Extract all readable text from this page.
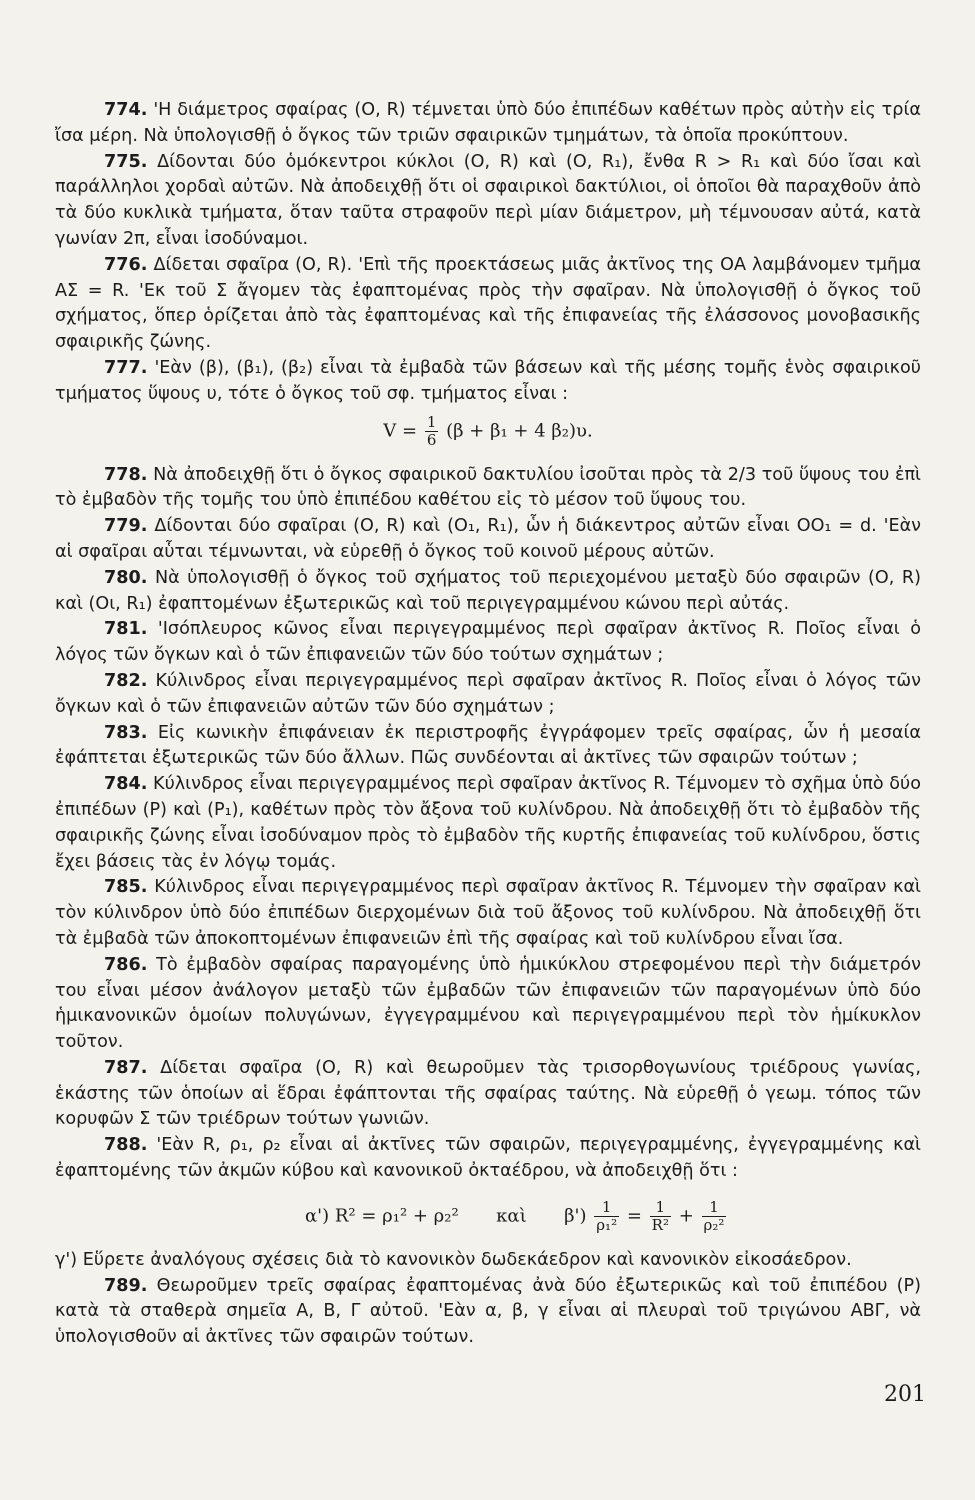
774. 'Η διάμετρος σφαίρας (Ο, R) τέμνεται ὑπὸ δύο ἐπιπέδων καθέτων πρὸς αὐτὴν εἰς τρία ἴσα μέρη. Νὰ ὑπολογισθῇ ὁ ὄγκος τῶν τριῶν σφαιρικῶν τμημάτων, τὰ ὁποῖα προκύπτουν.

775. Δίδονται δύο ὁμόκεντροι κύκλοι (Ο, R) καὶ (Ο, R₁), ἔνθα R > R₁ καὶ δύο ἴσαι καὶ παράλληλοι χορδαὶ αὐτῶν. Νὰ ἀποδειχθῇ ὅτι οἱ σφαιρικοὶ δακτύλιοι, οἱ ὁποῖοι θὰ παραχθοῦν ἀπὸ τὰ δύο κυκλικὰ τμήματα, ὅταν ταῦτα στραφοῦν περὶ μίαν διάμετρον, μὴ τέμνουσαν αὐτά, κατὰ γωνίαν 2π, εἶναι ἰσοδύναμοι.

776. Δίδεται σφαῖρα (Ο, R). 'Επὶ τῆς προεκτάσεως μιᾶς ἀκτῖνος της ΟΑ λαμβάνομεν τμῆμα ΑΣ = R. 'Εκ τοῦ Σ ἄγομεν τὰς ἐφαπτομένας πρὸς τὴν σφαῖραν. Νὰ ὑπολογισθῇ ὁ ὄγκος τοῦ σχήματος, ὅπερ ὁρίζεται ἀπὸ τὰς ἐφαπτομένας καὶ τῆς ἐπιφανείας τῆς ἐλάσσονος μονοβασικῆς σφαιρικῆς ζώνης.

777. 'Εὰν (β), (β₁), (β₂) εἶναι τὰ ἐμβαδὰ τῶν βάσεων καὶ τῆς μέσης τομῆς ἑνὸς σφαιρικοῦ τμήματος ὕψους υ, τότε ὁ ὄγκος τοῦ σφ. τμήματος εἶναι :

$V = \frac{1}{6} (\beta + \beta_1 + 4$ β₂)υ.

778. Νὰ ἀποδειχθῇ ὅτι ὁ ὄγκος σφαιρικοῦ δακτυλίου ἰσοῦται πρὸς τὰ 2/3 τοῦ ὕψους του ἐπὶ τὸ ἐμβαδὸν τῆς τομῆς του ὑπὸ ἐπιπέδου καθέτου εἰς τὸ μέσον τοῦ ὕψους του.

779. Δίδονται δύο σφαῖραι (Ο, R) καὶ (Ο₁, R₁), ὧν ἡ διάκεντρος αὐτῶν εἶναι ΟΟ₁ = d. 'Εὰν αἱ σφαῖραι αὗται τέμνωνται, νὰ εὑρεθῇ ὁ ὄγκος τοῦ κοινοῦ μέρους αὐτῶν.

780. Νὰ ὑπολογισθῇ ὁ ὄγκος τοῦ σχήματος τοῦ περιεχομένου μεταξὺ δύο σφαιρῶν (Ο, R) καὶ (Οι, R₁) ἐφαπτομένων ἐξωτερικῶς καὶ τοῦ περιγεγραμμένου κώνου περὶ αὐτάς.

781. 'Ισόπλευρος κῶνος εἶναι περιγεγραμμένος περὶ σφαῖραν ἀκτῖνος R. Ποῖος εἶναι ὁ λόγος τῶν ὄγκων καὶ ὁ τῶν ἐπιφανειῶν τῶν δύο τούτων σχημάτων ;

782. Κύλινδρος εἶναι περιγεγραμμένος περὶ σφαῖραν ἀκτῖνος R. Ποῖος εἶναι ὁ λόγος τῶν ὄγκων καὶ ὁ τῶν ἐπιφανειῶν αὐτῶν τῶν δύο σχημάτων ;

783. Εἰς κωνικὴν ἐπιφάνειαν ἐκ περιστροφῆς ἐγγράφομεν τρεῖς σφαίρας, ὧν ἡ μεσαία ἐφάπτεται ἐξωτερικῶς τῶν δύο ἄλλων. Πῶς συνδέονται αἱ ἀκτῖνες τῶν σφαιρῶν τούτων ;

784. Κύλινδρος εἶναι περιγεγραμμένος περὶ σφαῖραν ἀκτῖνος R. Τέμνομεν τὸ σχῆμα ὑπὸ δύο ἐπιπέδων (Ρ) καὶ (Ρ₁), καθέτων πρὸς τὸν ἄξονα τοῦ κυλίνδρου. Νὰ ἀποδειχθῇ ὅτι τὸ ἐμβαδὸν τῆς σφαιρικῆς ζώνης εἶναι ἰσοδύναμον πρὸς τὸ ἐμβαδὸν τῆς κυρτῆς ἐπιφανείας τοῦ κυλίνδρου, ὅστις ἔχει βάσεις τὰς ἐν λόγῳ τομάς.

785. Κύλινδρος εἶναι περιγεγραμμένος περὶ σφαῖραν ἀκτῖνος R. Τέμνομεν τὴν σφαῖραν καὶ τὸν κύλινδρον ὑπὸ δύο ἐπιπέδων διερχομένων διὰ τοῦ ἄξονος τοῦ κυλίνδρου. Νὰ ἀποδειχθῇ ὅτι τὰ ἐμβαδὰ τῶν ἀποκοπτομένων ἐπιφανειῶν ἐπὶ τῆς σφαίρας καὶ τοῦ κυλίνδρου εἶναι ἴσα.

786. Τὸ ἐμβαδὸν σφαίρας παραγομένης ὑπὸ ἡμικύκλου στρεφομένου περὶ τὴν διάμετρόν του εἶναι μέσον ἀνάλογον μεταξὺ τῶν ἐμβαδῶν τῶν ἐπιφανειῶν τῶν παραγομένων ὑπὸ δύο ἡμικανονικῶν ὁμοίων πολυγώνων, ἐγγεγραμμένου καὶ περιγεγραμμένου περὶ τὸν ἡμίκυκλον τοῦτον.

787. Δίδεται σφαῖρα (Ο, R) καὶ θεωροῦμεν τὰς τρισορθογωνίους τριέδρους γωνίας, ἑκάστης τῶν ὁποίων αἱ ἕδραι ἐφάπτονται τῆς σφαίρας ταύτης. Νὰ εὑρεθῇ ὁ γεωμ. τόπος τῶν κορυφῶν Σ τῶν τριέδρων τούτων γωνιῶν.

788. 'Εὰν R, ρ₁, ρ₂ εἶναι αἱ ἀκτῖνες τῶν σφαιρῶν, περιγεγραμμένης, ἐγγεγραμμένης καὶ ἐφαπτομένης τῶν ἀκμῶν κύβου καὶ κανονικοῦ ὀκταέδρου, νὰ ἀποδειχθῇ ὅτι :

α') R² = ρ₁² + ρ₂² καὶ $\beta') \frac{1}{\text{ρ₁²}} = \frac{1}{\text{R²}} + \frac{1}{\text{ρ₂²}}$

γ') Εὕρετε ἀναλόγους σχέσεις διὰ τὸ κανονικὸν δωδεκάεδρον καὶ κανονικὸν εἰκοσάεδρον.

789. Θεωροῦμεν τρεῖς σφαίρας ἐφαπτομένας ἀνὰ δύο ἐξωτερικῶς καὶ τοῦ ἐπιπέδου (Ρ) κατὰ τὰ σταθερὰ σημεῖα Α, Β, Γ αὐτοῦ. 'Εὰν α, β, γ εἶναι αἱ πλευραὶ τοῦ τριγώνου ΑΒΓ, νὰ ὑπολογισθοῦν αἱ ἀκτῖνες τῶν σφαιρῶν τούτων.

201
